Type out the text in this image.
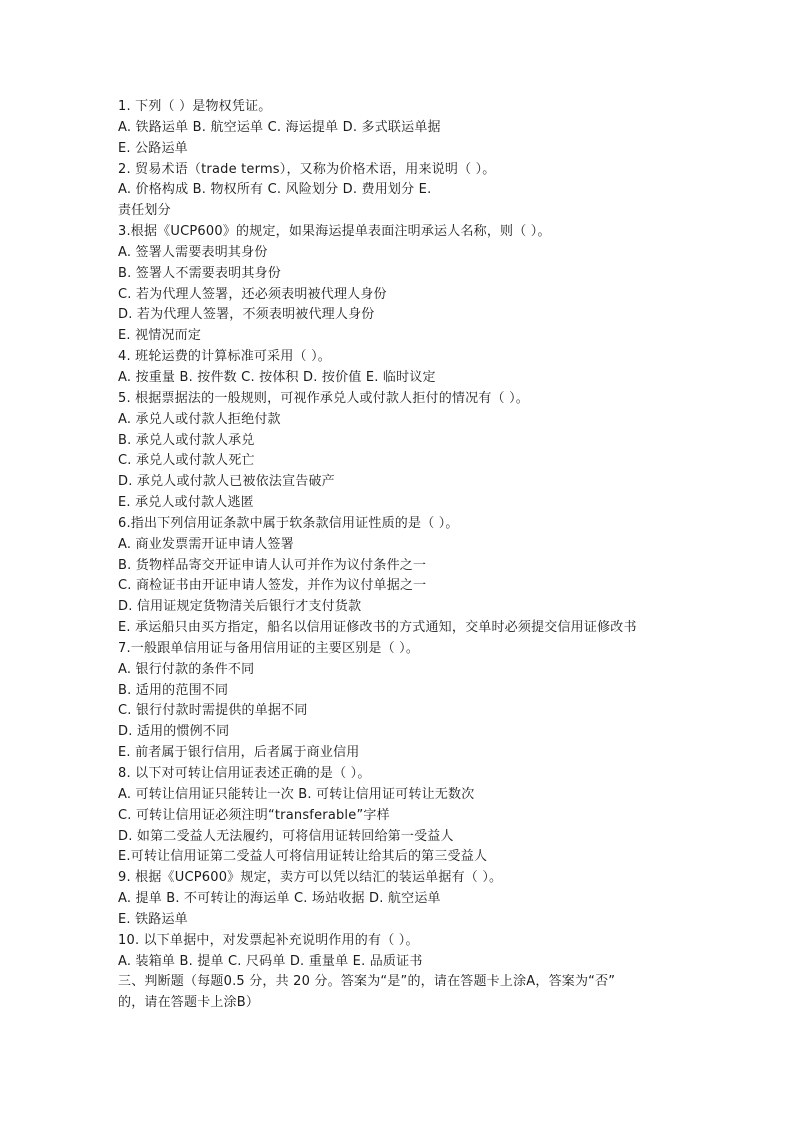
1. 下列（ ）是物权凭证。
A. 铁路运单 B. 航空运单 C. 海运提单 D. 多式联运单据
E. 公路运单
2. 贸易术语（trade terms），又称为价格术语，用来说明（ ）。
A. 价格构成 B. 物权所有 C. 风险划分 D. 费用划分 E.
责任划分
3.根据《UCP600》的规定，如果海运提单表面注明承运人名称，则（ ）。
A. 签署人需要表明其身份
B. 签署人不需要表明其身份
C. 若为代理人签署，还必须表明被代理人身份
D. 若为代理人签署，不须表明被代理人身份
E. 视情况而定
4. 班轮运费的计算标准可采用（ ）。
A. 按重量 B. 按件数 C. 按体积 D. 按价值 E. 临时议定
5. 根据票据法的一般规则，可视作承兑人或付款人拒付的情况有（ ）。
A. 承兑人或付款人拒绝付款
B. 承兑人或付款人承兑
C. 承兑人或付款人死亡
D. 承兑人或付款人已被依法宣告破产
E. 承兑人或付款人逃匿
6.指出下列信用证条款中属于软条款信用证性质的是（ ）。
A. 商业发票需开证申请人签署
B. 货物样品寄交开证申请人认可并作为议付条件之一
C. 商检证书由开证申请人签发，并作为议付单据之一
D. 信用证规定货物清关后银行才支付货款
E. 承运船只由买方指定，船名以信用证修改书的方式通知，交单时必须提交信用证修改书
7.一般跟单信用证与备用信用证的主要区别是（ ）。
A. 银行付款的条件不同
B. 适用的范围不同
C. 银行付款时需提供的单据不同
D. 适用的惯例不同
E. 前者属于银行信用，后者属于商业信用
8. 以下对可转让信用证表述正确的是（ ）。
A. 可转让信用证只能转让一次 B. 可转让信用证可转让无数次
C. 可转让信用证必须注明“transferable”字样
D. 如第二受益人无法履约，可将信用证转回给第一受益人
E.可转让信用证第二受益人可将信用证转让给其后的第三受益人
9. 根据《UCP600》规定，卖方可以凭以结汇的装运单据有（ ）。
A. 提单 B. 不可转让的海运单 C. 场站收据 D. 航空运单
E. 铁路运单
10. 以下单据中，对发票起补充说明作用的有（ ）。
A. 装箱单 B. 提单 C. 尺码单 D. 重量单 E. 品质证书
三、判断题（每题0.5 分，共 20 分。答案为“是”的，请在答题卡上涂A，答案为“否”
的，请在答题卡上涂B）
